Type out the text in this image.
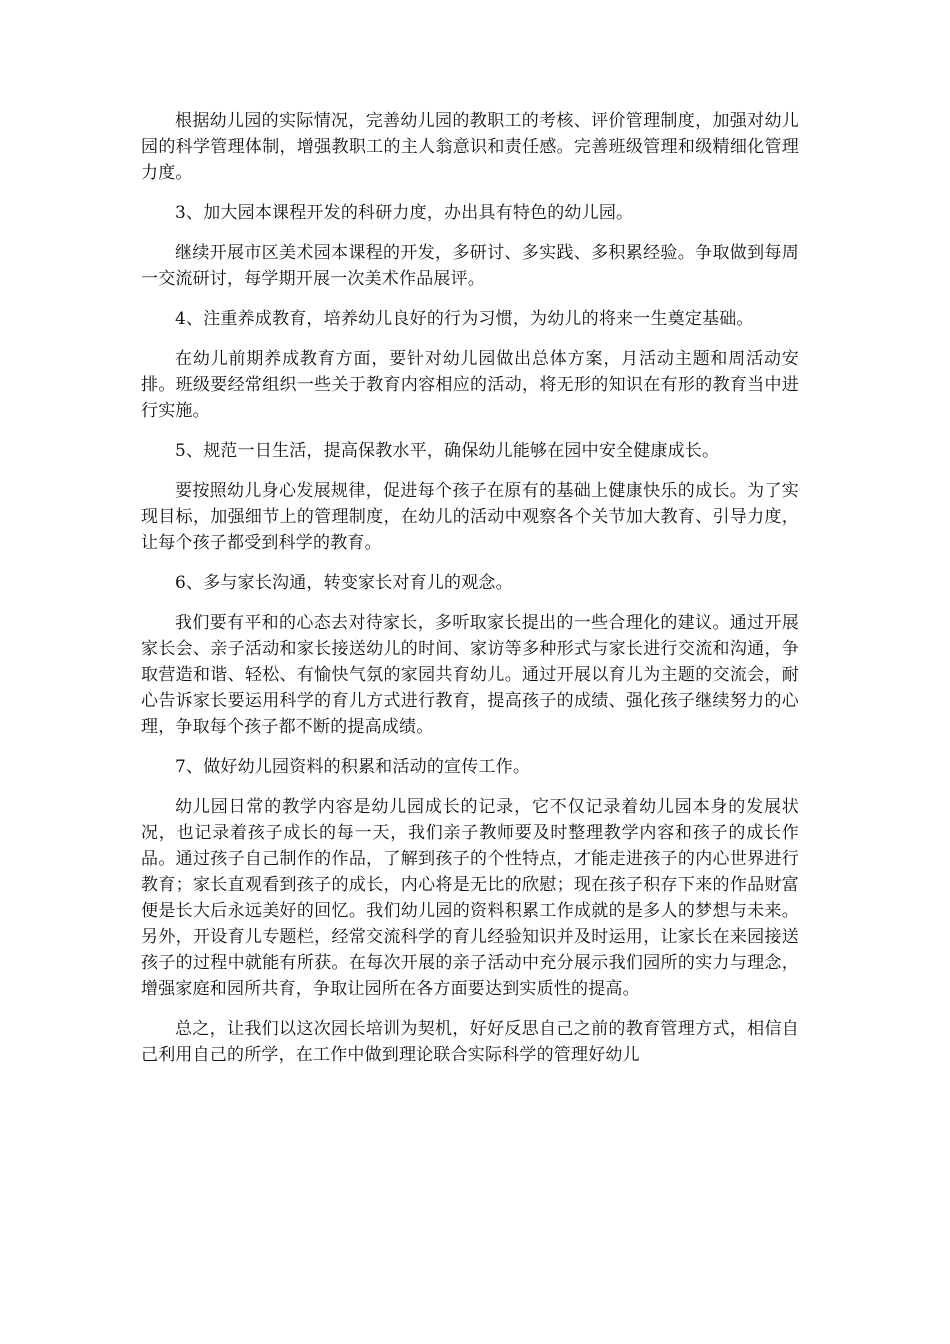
根据幼儿园的实际情况，完善幼儿园的教职工的考核、评价管理制度，加强对幼儿园的科学管理体制，增强教职工的主人翁意识和责任感。完善班级管理和级精细化管理力度。

3、加大园本课程开发的科研力度，办出具有特色的幼儿园。

继续开展市区美术园本课程的开发，多研讨、多实践、多积累经验。争取做到每周一交流研讨，每学期开展一次美术作品展评。

4、注重养成教育，培养幼儿良好的行为习惯，为幼儿的将来一生奠定基础。

在幼儿前期养成教育方面，要针对幼儿园做出总体方案，月活动主题和周活动安排。班级要经常组织一些关于教育内容相应的活动，将无形的知识在有形的教育当中进行实施。

5、规范一日生活，提高保教水平，确保幼儿能够在园中安全健康成长。

要按照幼儿身心发展规律，促进每个孩子在原有的基础上健康快乐的成长。为了实现目标，加强细节上的管理制度，在幼儿的活动中观察各个关节加大教育、引导力度，让每个孩子都受到科学的教育。

6、多与家长沟通，转变家长对育儿的观念。

我们要有平和的心态去对待家长，多听取家长提出的一些合理化的建议。通过开展家长会、亲子活动和家长接送幼儿的时间、家访等多种形式与家长进行交流和沟通，争取营造和谐、轻松、有愉快气氛的家园共育幼儿。通过开展以育儿为主题的交流会，耐心告诉家长要运用科学的育儿方式进行教育，提高孩子的成绩、强化孩子继续努力的心理，争取每个孩子都不断的提高成绩。

7、做好幼儿园资料的积累和活动的宣传工作。

幼儿园日常的教学内容是幼儿园成长的记录，它不仅记录着幼儿园本身的发展状况，也记录着孩子成长的每一天，我们亲子教师要及时整理教学内容和孩子的成长作品。通过孩子自己制作的作品，了解到孩子的个性特点，才能走进孩子的内心世界进行教育；家长直观看到孩子的成长，内心将是无比的欣慰；现在孩子积存下来的作品财富便是长大后永远美好的回忆。我们幼儿园的资料积累工作成就的是多人的梦想与未来。另外，开设育儿专题栏，经常交流科学的育儿经验知识并及时运用，让家长在来园接送孩子的过程中就能有所获。在每次开展的亲子活动中充分展示我们园所的实力与理念，增强家庭和园所共育，争取让园所在各方面要达到实质性的提高。

总之，让我们以这次园长培训为契机，好好反思自己之前的教育管理方式，相信自己利用自己的所学，在工作中做到理论联合实际科学的管理好幼儿
